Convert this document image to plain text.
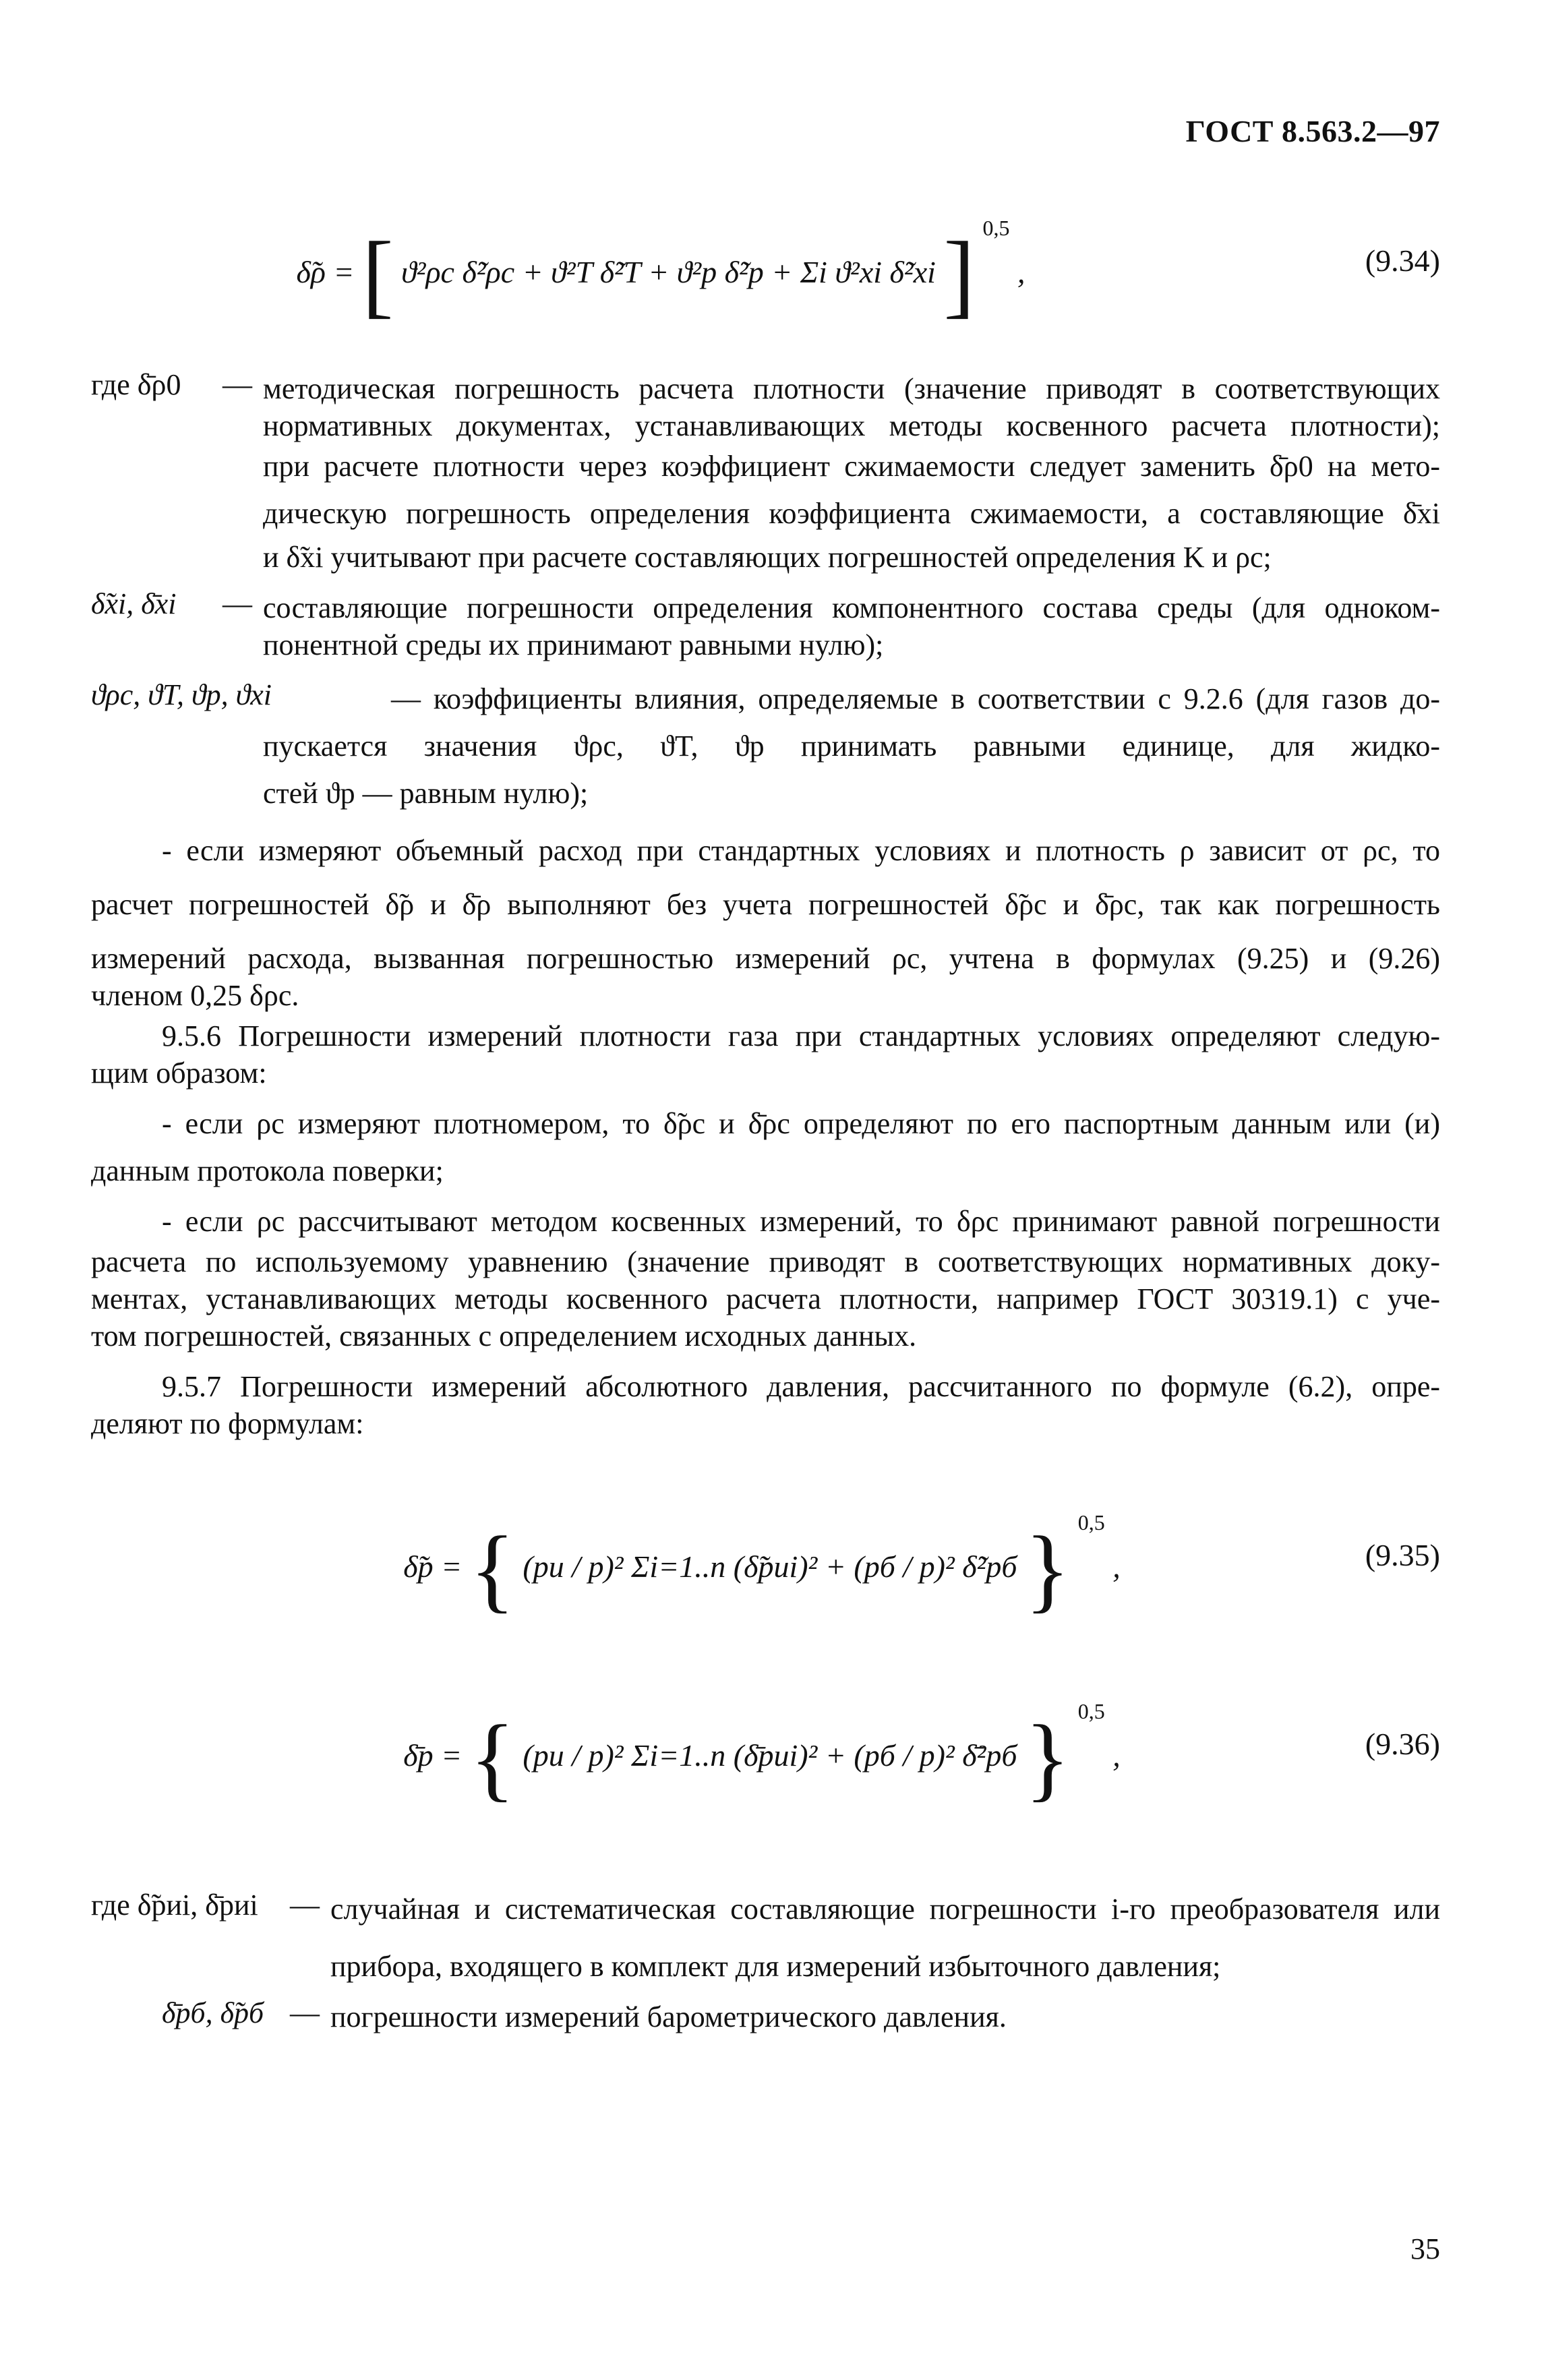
ГОСТ 8.563.2—97
δ̃ρ = [ ϑ²ρс δ̃²ρс + ϑ²T δ̃²T + ϑ²p δ̃²p + Σi ϑ²xi δ̃²xi ] $^{0,5}$ ,	(9.34)
где δ̄ρ0 — методическая погрешность расчета плотности (значение приводят в соответствующих
нормативных документах, устанавливающих методы косвенного расчета плотности);
при расчете плотности через коэффициент сжимаемости следует заменить δ̄ρ0 на мето-
дическую погрешность определения коэффициента сжимаемости, а составляющие δ̄xi
и δ̃xi учитывают при расчете составляющих погрешностей определения K и ρс;
δ̃xi, δ̄xi — составляющие погрешности определения компонентного состава среды (для одноком-
понентной среды их принимают равными нулю);
ϑρс, ϑT, ϑp, ϑxi	— коэффициенты влияния, определяемые в соответствии с 9.2.6 (для газов до-
пускается значения ϑρс, ϑT, ϑp принимать равными единице, для жидко-
стей ϑp — равным нулю);
- если измеряют объемный расход при стандартных условиях и плотность ρ зависит от ρс, то
расчет погрешностей δ̃ρ и δ̄ρ выполняют без учета погрешностей δ̃ρс и δ̄ρс, так как погрешность
измерений расхода, вызванная погрешностью измерений ρс, учтена в формулах (9.25) и (9.26)
членом 0,25 δρс.
9.5.6 Погрешности измерений плотности газа при стандартных условиях определяют следую-
щим образом:
- если ρс измеряют плотномером, то δ̃ρс и δ̄ρс определяют по его паспортным данным или (и)
данным протокола поверки;
- если ρс рассчитывают методом косвенных измерений, то δρс принимают равной погрешности
расчета по используемому уравнению (значение приводят в соответствующих нормативных доку-
ментах, устанавливающих методы косвенного расчета плотности, например ГОСТ 30319.1) с уче-
том погрешностей, связанных с определением исходных данных.
9.5.7 Погрешности измерений абсолютного давления, рассчитанного по формуле (6.2), опре-
деляют по формулам:
δ̃p = { (pи / p)² Σi=1..n (δ̃pиi)² + (pб / p)² δ̃²pб } $^{0,5}$ ,	(9.35)
δ̄p = { (pи / p)² Σi=1..n (δ̄pиi)² + (pб / p)² δ̄²pб } $^{0,5}$ ,	(9.36)
где δ̃pиi, δ̄pиi — случайная и систематическая составляющие погрешности i-го преобразователя или
прибора, входящего в комплект для измерений избыточного давления;
δ̄pб, δ̃pб — погрешности измерений барометрического давления.
35
